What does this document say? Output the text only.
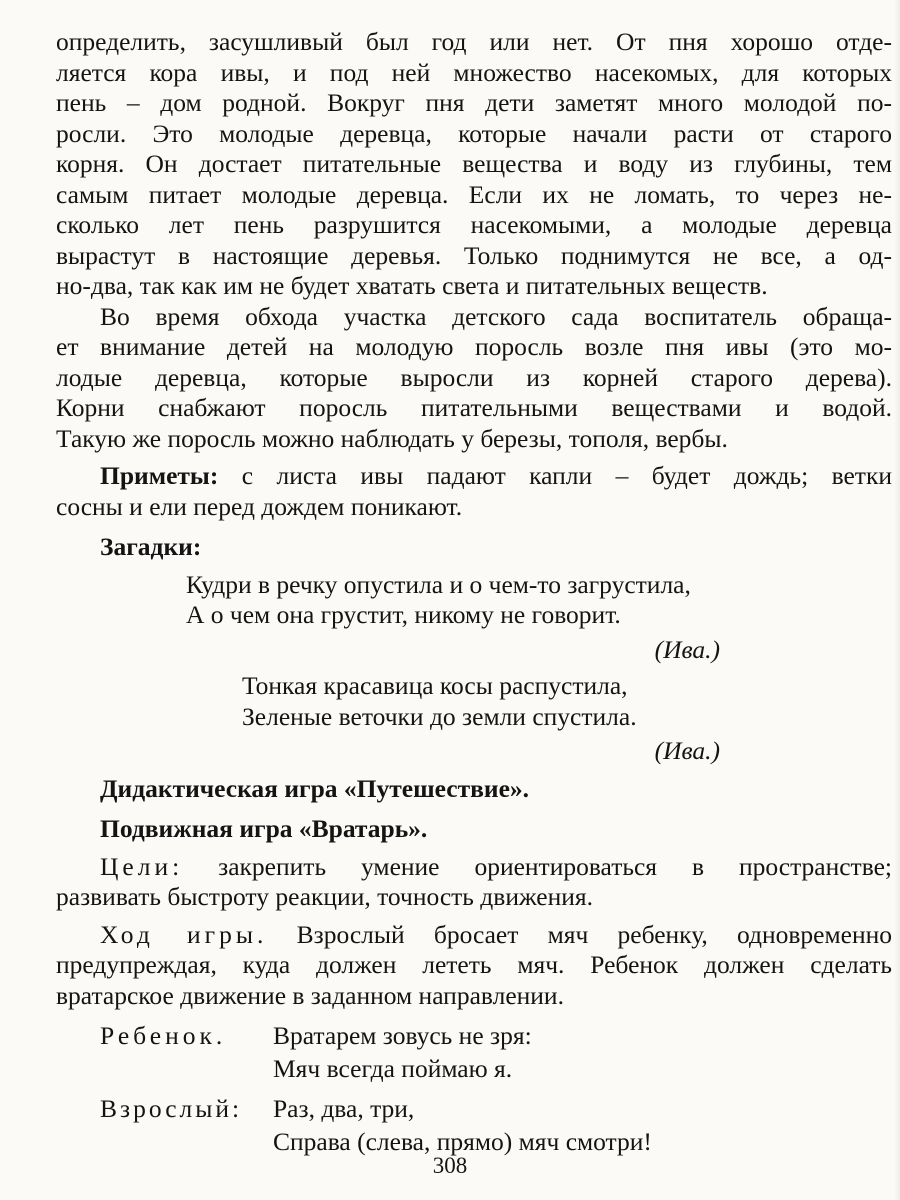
определить, засушливый был год или нет. От пня хорошо отде-
ляется кора ивы, и под ней множество насекомых, для которых
пень – дом родной. Вокруг пня дети заметят много молодой по-
росли. Это молодые деревца, которые начали расти от старого
корня. Он достает питательные вещества и воду из глубины, тем
самым питает молодые деревца. Если их не ломать, то через не-
сколько лет пень разрушится насекомыми, а молодые деревца
вырастут в настоящие деревья. Только поднимутся не все, а од-
но-два, так как им не будет хватать света и питательных веществ.
Во время обхода участка детского сада воспитатель обраща-
ет внимание детей на молодую поросль возле пня ивы (это мо-
лодые деревца, которые выросли из корней старого дерева).
Корни снабжают поросль питательными веществами и водой.
Такую же поросль можно наблюдать у березы, тополя, вербы.
Приметы: с листа ивы падают капли – будет дождь; ветки
сосны и ели перед дождем поникают.
Загадки:
Кудри в речку опустила и о чем-то загрустила,
А о чем она грустит, никому не говорит.
(Ива.)
Тонкая красавица косы распустила,
Зеленые веточки до земли спустила.
(Ива.)
Дидактическая игра «Путешествие».
Подвижная игра «Вратарь».
Цели: закрепить умение ориентироваться в пространстве;
развивать быстроту реакции, точность движения.
Ход игры. Взрослый бросает мяч ребенку, одновременно
предупреждая, куда должен лететь мяч. Ребенок должен сделать
вратарское движение в заданном направлении.
Ребенок.	Вратарем зовусь не зря:
Мяч всегда поймаю я.
Взрослый:	Раз, два, три,
Справа (слева, прямо) мяч смотри!
308
